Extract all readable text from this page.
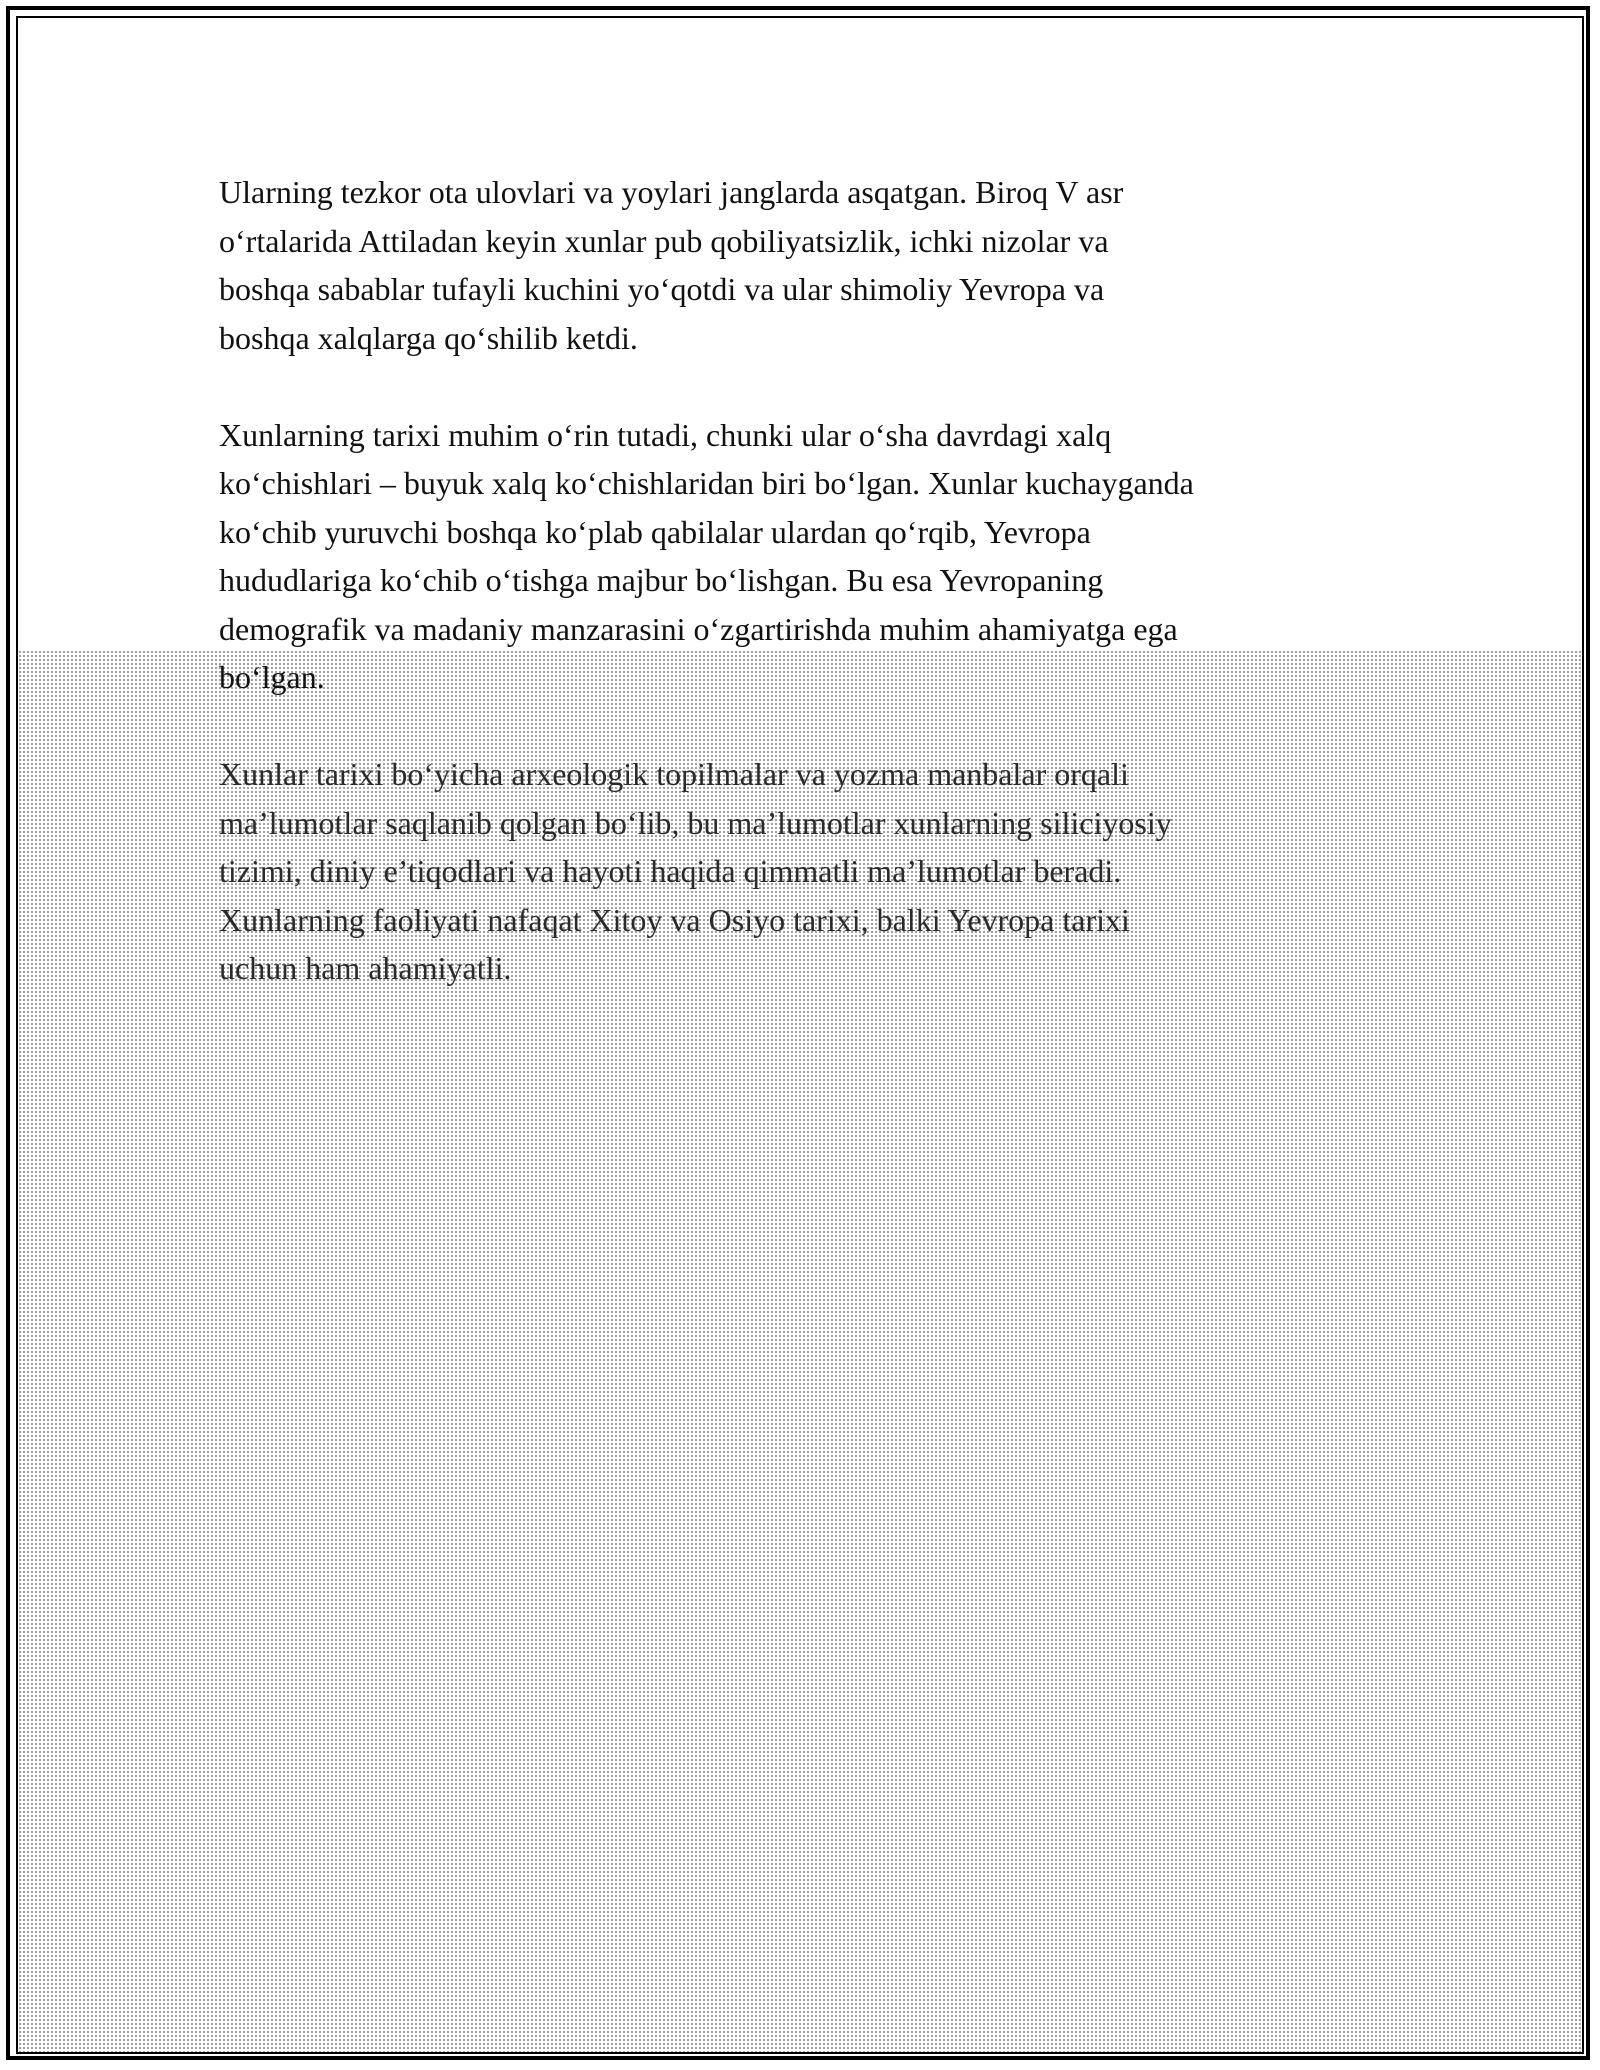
Ularning tezkor ota ulovlari va yoylari janglarda asqatgan. Biroq V asr
o‘rtalarida Attiladan keyin xunlar pub qobiliyatsizlik, ichki nizolar va
boshqa sabablar tufayli kuchini yo‘qotdi va ular shimoliy Yevropa va
boshqa xalqlarga qo‘shilib ketdi.

Xunlarning tarixi muhim o‘rin tutadi, chunki ular o‘sha davrdagi xalq
ko‘chishlari – buyuk xalq ko‘chishlaridan biri bo‘lgan. Xunlar kuchayganda
ko‘chib yuruvchi boshqa ko‘plab qabilalar ulardan qo‘rqib, Yevropa
hududlariga ko‘chib o‘tishga majbur bo‘lishgan. Bu esa Yevropaning
demografik va madaniy manzarasini o‘zgartirishda muhim ahamiyatga ega
bo‘lgan.

Xunlar tarixi bo‘yicha arxeologik topilmalar va yozma manbalar orqali
ma’lumotlar saqlanib qolgan bo‘lib, bu ma’lumotlar xunlarning siliciyosiy
tizimi, diniy e’tiqodlari va hayoti haqida qimmatli ma’lumotlar beradi.
Xunlarning faoliyati nafaqat Xitoy va Osiyo tarixi, balki Yevropa tarixi
uchun ham ahamiyatli.
